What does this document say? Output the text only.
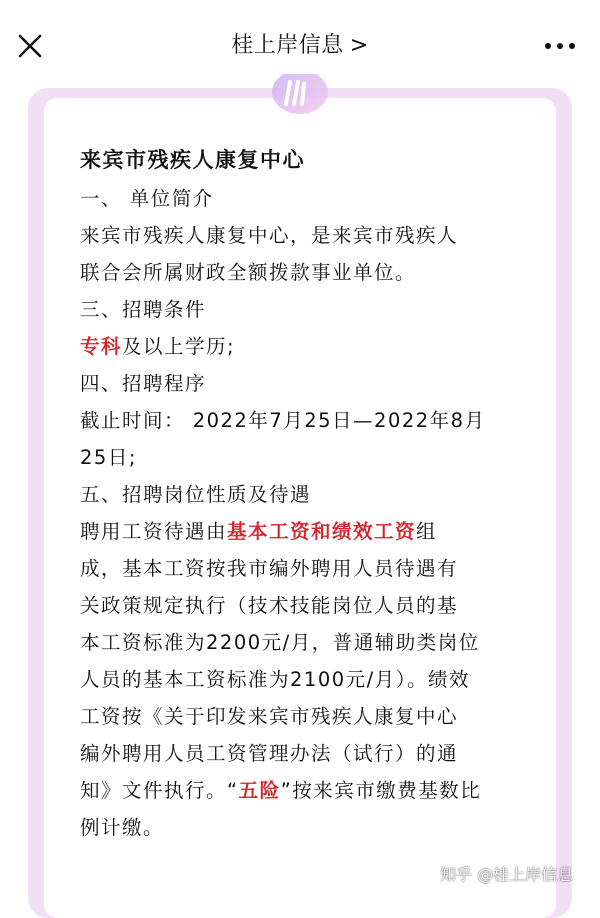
桂上岸信息 >
来宾市残疾人康复中心
一、 单位简介
来宾市残疾人康复中心，是来宾市残疾人
联合会所属财政全额拨款事业单位。
三、招聘条件
专科及以上学历;
四、招聘程序
截止时间： 2022年7月25日—2022年8月
25日;
五、招聘岗位性质及待遇
聘用工资待遇由基本工资和绩效工资组
成，基本工资按我市编外聘用人员待遇有
关政策规定执行（技术技能岗位人员的基
本工资标准为2200元/月，普通辅助类岗位
人员的基本工资标准为2100元/月）。绩效
工资按《关于印发来宾市残疾人康复中心
编外聘用人员工资管理办法（试行）的通
知》文件执行。“五险”按来宾市缴费基数比
例计缴。
知乎 @桂上岸信息
